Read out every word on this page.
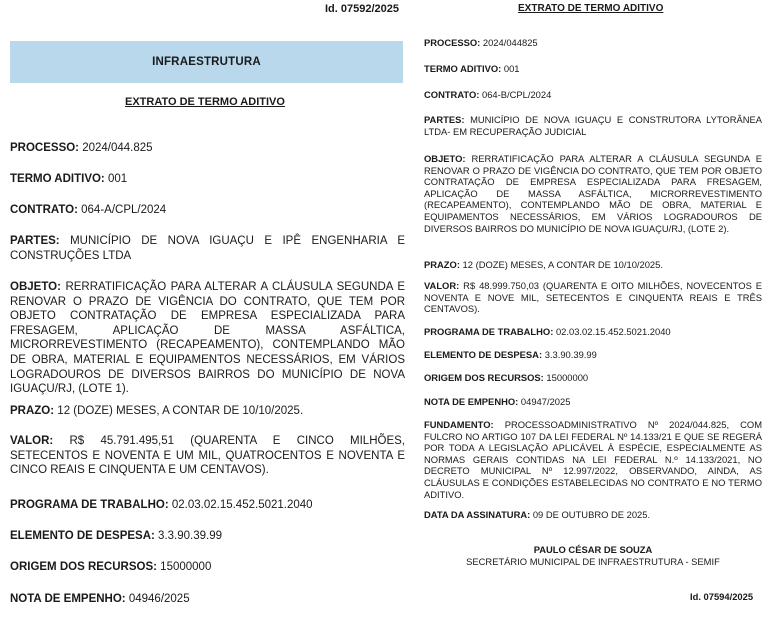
Id. 07592/2025
INFRAESTRUTURA
EXTRATO DE TERMO ADITIVO

PROCESSO: 2024/044.825

TERMO ADITIVO: 001

CONTRATO: 064-A/CPL/2024

PARTES: MUNICÍPIO DE NOVA IGUAÇU E IPÊ ENGENHARIA E CONSTRUÇÕES LTDA

OBJETO: RERRATIFICAÇÃO PARA ALTERAR A CLÁUSULA SEGUNDA E RENOVAR O PRAZO DE VIGÊNCIA DO CONTRATO, QUE TEM POR OBJETO CONTRATAÇÃO DE EMPRESA ESPECIALIZADA PARA FRESAGEM, APLICAÇÃO DE MASSA ASFÁLTICA, MICRORREVESTIMENTO (RECAPEAMENTO), CONTEMPLANDO MÃO DE OBRA, MATERIAL E EQUIPAMENTOS NECESSÁRIOS, EM VÁRIOS LOGRADOUROS DE DIVERSOS BAIRROS DO MUNICÍPIO DE NOVA IGUAÇU/RJ, (LOTE 1).

PRAZO: 12 (DOZE) MESES, A CONTAR DE 10/10/2025.

VALOR: R$ 45.791.495,51 (QUARENTA E CINCO MILHÕES, SETECENTOS E NOVENTA E UM MIL, QUATROCENTOS E NOVENTA E CINCO REAIS E CINQUENTA E UM CENTAVOS).

PROGRAMA DE TRABALHO: 02.03.02.15.452.5021.2040

ELEMENTO DE DESPESA: 3.3.90.39.99

ORIGEM DOS RECURSOS: 15000000

NOTA DE EMPENHO: 04946/2025

EXTRATO DE TERMO ADITIVO

PROCESSO: 2024/044825

TERMO ADITIVO: 001

CONTRATO: 064-B/CPL/2024

PARTES: MUNICÍPIO DE NOVA IGUAÇU E CONSTRUTORA LYTORÂNEA LTDA- EM RECUPERAÇÃO JUDICIAL

OBJETO: RERRATIFICAÇÃO PARA ALTERAR A CLÁUSULA SEGUNDA E RENOVAR O PRAZO DE VIGÊNCIA DO CONTRATO, QUE TEM POR OBJETO CONTRATAÇÃO DE EMPRESA ESPECIALIZADA PARA FRESAGEM, APLICAÇÃO DE MASSA ASFÁLTICA, MICRORREVESTIMENTO (RECAPEAMENTO), CONTEMPLANDO MÃO DE OBRA, MATERIAL E EQUIPAMENTOS NECESSÁRIOS, EM VÁRIOS LOGRADOUROS DE DIVERSOS BAIRROS DO MUNICÍPIO DE NOVA IGUAÇU/RJ, (LOTE 2).

PRAZO: 12 (DOZE) MESES, A CONTAR DE 10/10/2025.

VALOR: R$ 48.999.750,03 (QUARENTA E OITO MILHÕES, NOVECENTOS E NOVENTA E NOVE MIL, SETECENTOS E CINQUENTA REAIS E TRÊS CENTAVOS).

PROGRAMA DE TRABALHO: 02.03.02.15.452.5021.2040

ELEMENTO DE DESPESA: 3.3.90.39.99

ORIGEM DOS RECURSOS: 15000000

NOTA DE EMPENHO: 04947/2025

FUNDAMENTO: PROCESSOADMINISTRATIVO Nº 2024/044.825, COM FULCRO NO ARTIGO 107 DA LEI FEDERAL Nº 14.133/21 E QUE SE REGERÁ POR TODA A LEGISLAÇÃO APLICÁVEL À ESPÉCIE, ESPECIALMENTE AS NORMAS GERAIS CONTIDAS NA LEI FEDERAL N.º 14.133/2021, NO DECRETO MUNICIPAL Nº 12.997/2022, OBSERVANDO, AINDA, AS CLÁUSULAS E CONDIÇÕES ESTABELECIDAS NO CONTRATO E NO TERMO ADITIVO.

DATA DA ASSINATURA: 09 DE OUTUBRO DE 2025.

PAULO CÉSAR DE SOUZA
SECRETÁRIO MUNICIPAL DE INFRAESTRUTURA - SEMIF
Id. 07594/2025
